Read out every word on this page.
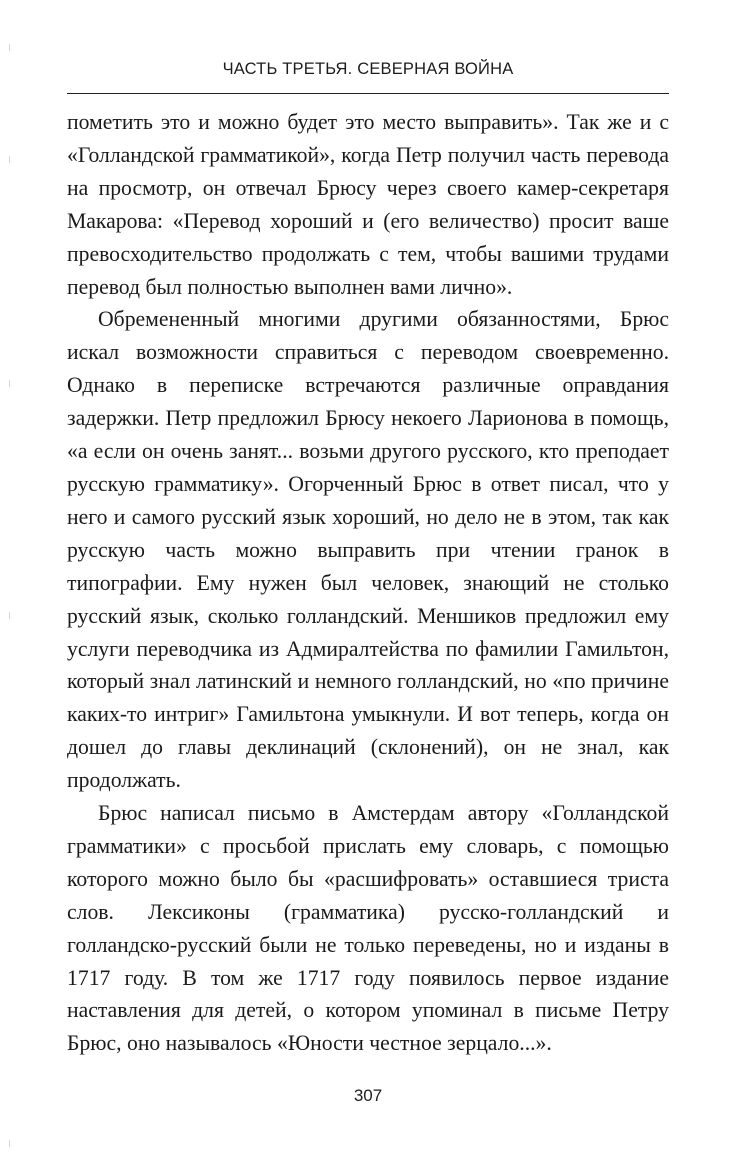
ЧАСТЬ ТРЕТЬЯ. СЕВЕРНАЯ ВОЙНА

пометить это и можно будет это место выправить». Так же и с «Голландской грамматикой», когда Петр получил часть перевода на просмотр, он отвечал Брюсу через своего камер-секретаря Макарова: «Перевод хороший и (его величество) просит ваше превосходительство продолжать с тем, чтобы вашими трудами перевод был полностью выполнен вами лично».

Обремененный многими другими обязанностями, Брюс искал возможности справиться с переводом своевременно. Однако в переписке встречаются различные оправдания задержки. Петр предложил Брюсу некоего Ларионова в помощь, «а если он очень занят... возьми другого русского, кто преподает русскую грамматику». Огорченный Брюс в ответ писал, что у него и самого русский язык хороший, но дело не в этом, так как русскую часть можно выправить при чтении гранок в типографии. Ему нужен был человек, знающий не столько русский язык, сколько голландский. Меншиков предложил ему услуги переводчика из Адмиралтейства по фамилии Гамильтон, который знал латинский и немного голландский, но «по причине каких-то интриг» Гамильтона умыкнули. И вот теперь, когда он дошел до главы деклинаций (склонений), он не знал, как продолжать.

Брюс написал письмо в Амстердам автору «Голландской грамматики» с просьбой прислать ему словарь, с помощью которого можно было бы «расшифровать» оставшиеся триста слов. Лексиконы (грамматика) русско-голландский и голландско-русский были не только переведены, но и изданы в 1717 году. В том же 1717 году появилось первое издание наставления для детей, о котором упоминал в письме Петру Брюс, оно называлось «Юности честное зерцало...».

307
